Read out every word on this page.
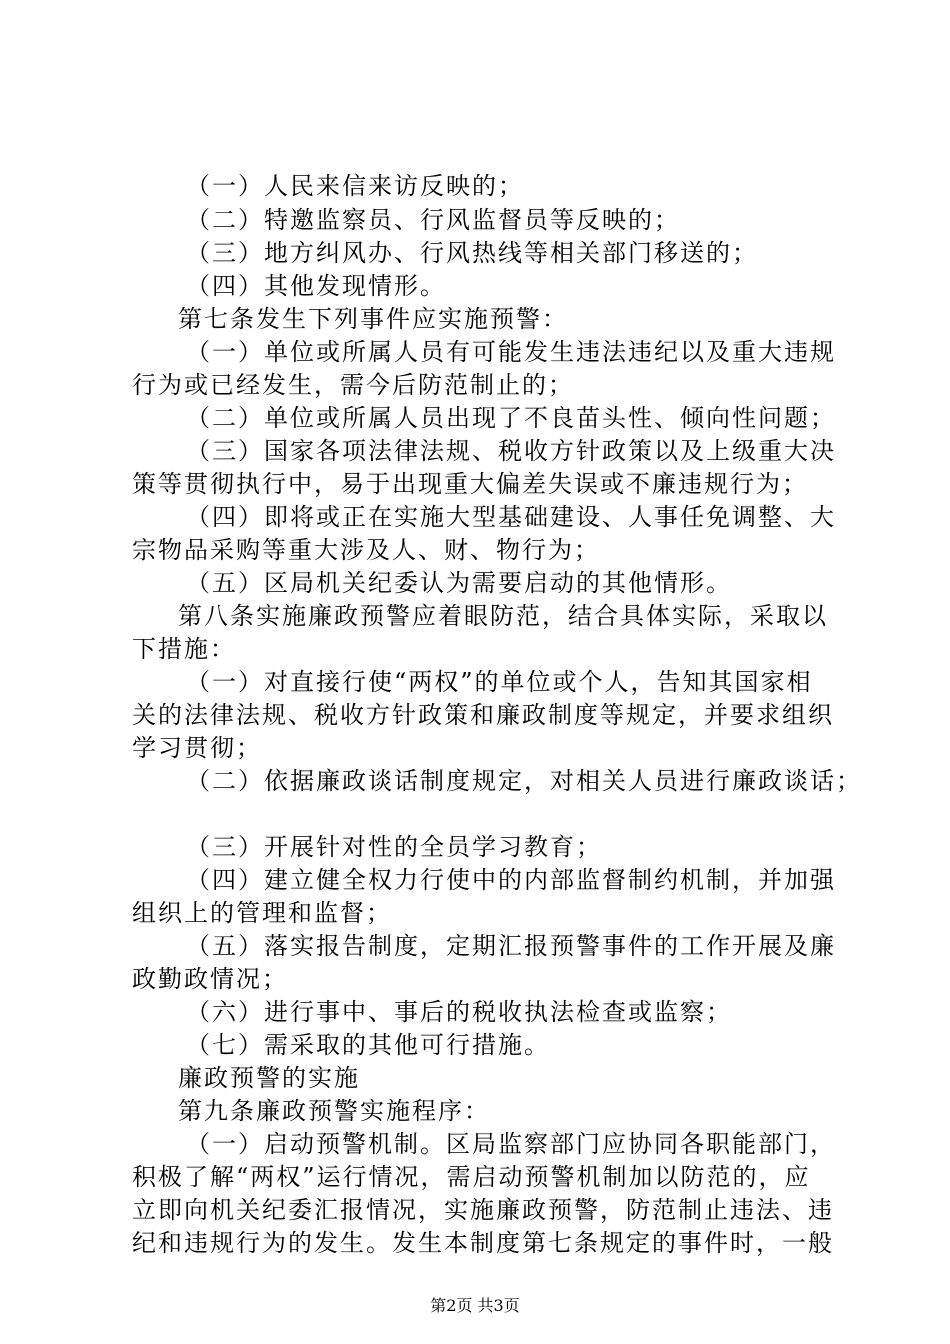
（一）人民来信来访反映的；
（二）特邀监察员、行风监督员等反映的；
（三）地方纠风办、行风热线等相关部门移送的；
（四）其他发现情形。
第七条发生下列事件应实施预警：
（一）单位或所属人员有可能发生违法违纪以及重大违规
行为或已经发生，需今后防范制止的；
（二）单位或所属人员出现了不良苗头性、倾向性问题；
（三）国家各项法律法规、税收方针政策以及上级重大决
策等贯彻执行中，易于出现重大偏差失误或不廉违规行为；
（四）即将或正在实施大型基础建设、人事任免调整、大
宗物品采购等重大涉及人、财、物行为；
（五）区局机关纪委认为需要启动的其他情形。
第八条实施廉政预警应着眼防范，结合具体实际，采取以
下措施：
（一）对直接行使“两权”的单位或个人，告知其国家相
关的法律法规、税收方针政策和廉政制度等规定，并要求组织
学习贯彻；
（二）依据廉政谈话制度规定，对相关人员进行廉政谈话；
（三）开展针对性的全员学习教育；
（四）建立健全权力行使中的内部监督制约机制，并加强
组织上的管理和监督；
（五）落实报告制度，定期汇报预警事件的工作开展及廉
政勤政情况；
（六）进行事中、事后的税收执法检查或监察；
（七）需采取的其他可行措施。
廉政预警的实施
第九条廉政预警实施程序：
（一）启动预警机制。区局监察部门应协同各职能部门，
积极了解“两权”运行情况，需启动预警机制加以防范的，应
立即向机关纪委汇报情况，实施廉政预警，防范制止违法、违
纪和违规行为的发生。发生本制度第七条规定的事件时，一般
第2页 共3页
